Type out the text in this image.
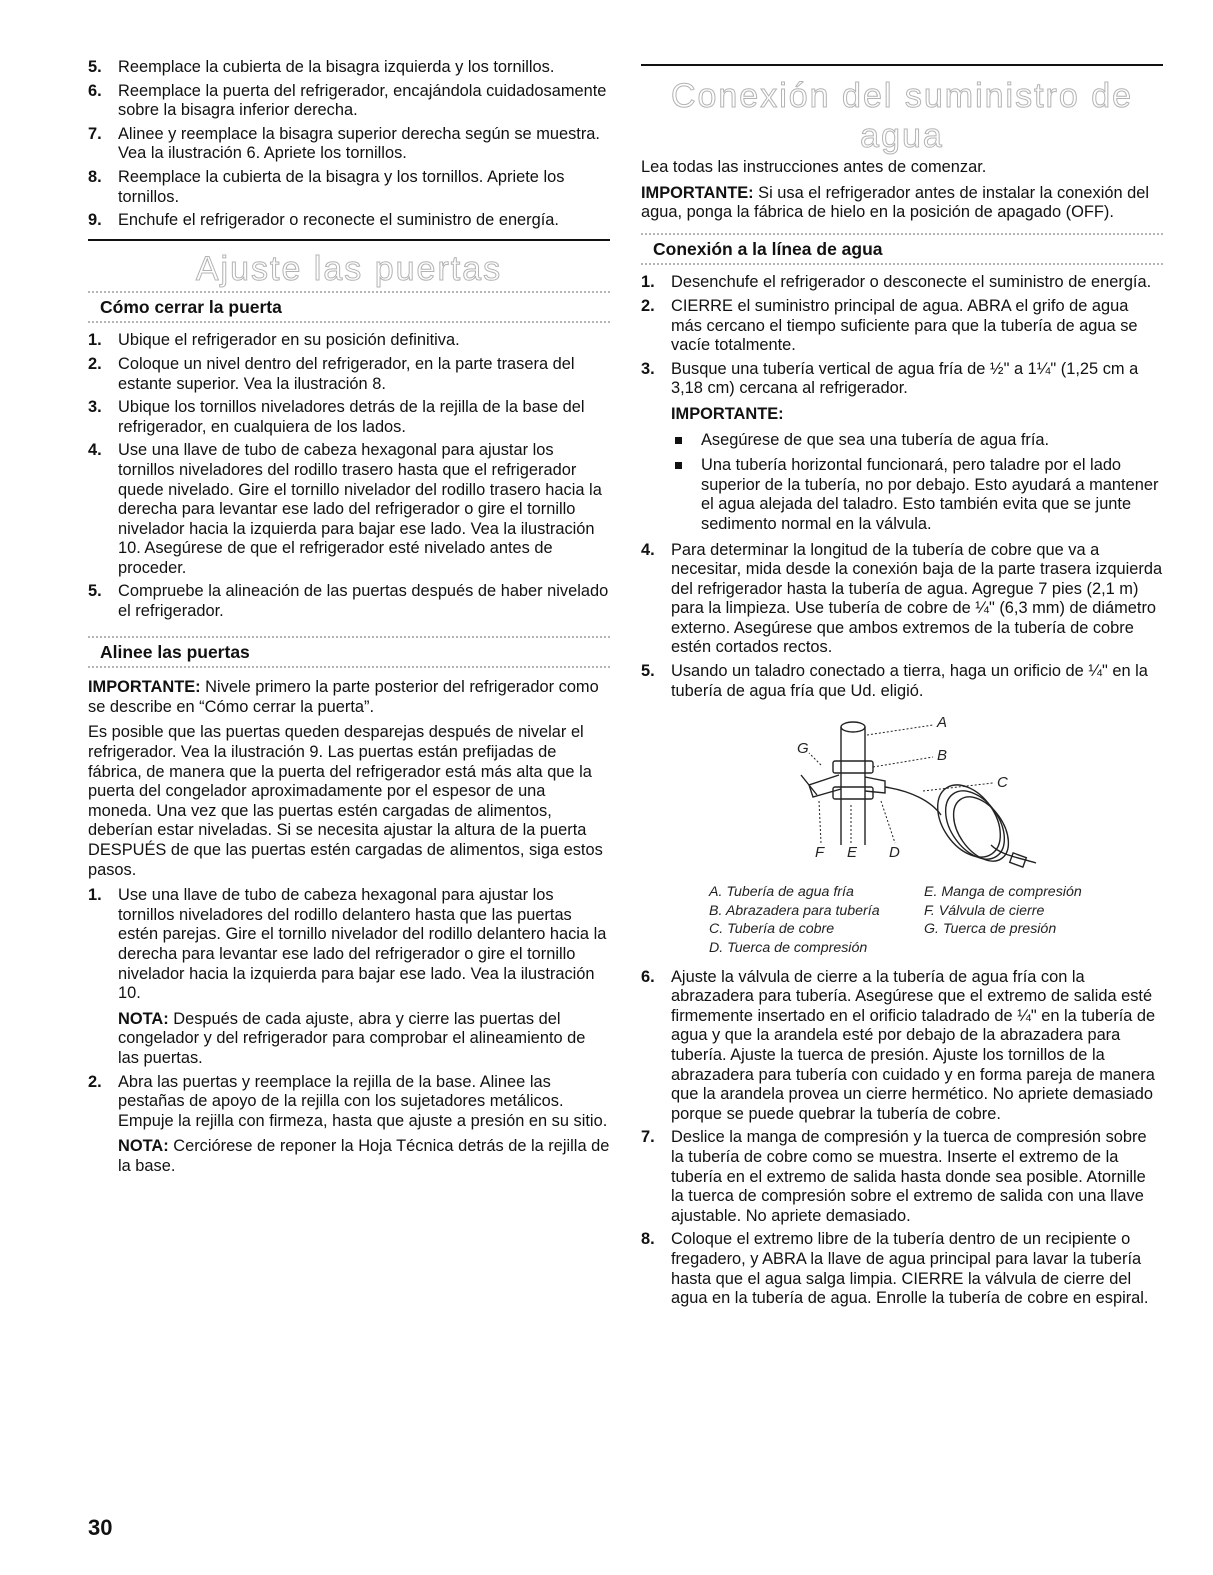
5. Reemplace la cubierta de la bisagra izquierda y los tornillos.

6. Reemplace la puerta del refrigerador, encajándola cuidadosamente sobre la bisagra inferior derecha.

7. Alinee y reemplace la bisagra superior derecha según se muestra. Vea la ilustración 6. Apriete los tornillos.

8. Reemplace la cubierta de la bisagra y los tornillos. Apriete los tornillos.

9. Enchufe el refrigerador o reconecte el suministro de energía.

Ajuste las puertas
Cómo cerrar la puerta
1. Ubique el refrigerador en su posición definitiva.

2. Coloque un nivel dentro del refrigerador, en la parte trasera del estante superior. Vea la ilustración 8.

3. Ubique los tornillos niveladores detrás de la rejilla de la base del refrigerador, en cualquiera de los lados.

4. Use una llave de tubo de cabeza hexagonal para ajustar los tornillos niveladores del rodillo trasero hasta que el refrigerador quede nivelado. Gire el tornillo nivelador del rodillo trasero hacia la derecha para levantar ese lado del refrigerador o gire el tornillo nivelador hacia la izquierda para bajar ese lado. Vea la ilustración 10. Asegúrese de que el refrigerador esté nivelado antes de proceder.

5. Compruebe la alineación de las puertas después de haber nivelado el refrigerador.

Alinee las puertas

IMPORTANTE: Nivele primero la parte posterior del refrigerador como se describe en “Cómo cerrar la puerta”.

Es posible que las puertas queden desparejas después de nivelar el refrigerador. Vea la ilustración 9. Las puertas están prefijadas de fábrica, de manera que la puerta del refrigerador está más alta que la puerta del congelador aproximadamente por el espesor de una moneda. Una vez que las puertas estén cargadas de alimentos, deberían estar niveladas. Si se necesita ajustar la altura de la puerta DESPUÉS de que las puertas estén cargadas de alimentos, siga estos pasos.

1. Use una llave de tubo de cabeza hexagonal para ajustar los tornillos niveladores del rodillo delantero hasta que las puertas estén parejas. Gire el tornillo nivelador del rodillo delantero hacia la derecha para levantar ese lado del refrigerador o gire el tornillo nivelador hacia la izquierda para bajar ese lado. Vea la ilustración 10.

NOTA: Después de cada ajuste, abra y cierre las puertas del congelador y del refrigerador para comprobar el alineamiento de las puertas.

2. Abra las puertas y reemplace la rejilla de la base. Alinee las pestañas de apoyo de la rejilla con los sujetadores metálicos. Empuje la rejilla con firmeza, hasta que ajuste a presión en su sitio.

NOTA: Cerciórese de reponer la Hoja Técnica detrás de la rejilla de la base.

Conexión del suministro de agua

Lea todas las instrucciones antes de comenzar.

IMPORTANTE: Si usa el refrigerador antes de instalar la conexión del agua, ponga la fábrica de hielo en la posición de apagado (OFF).

Conexión a la línea de agua
1. Desenchufe el refrigerador o desconecte el suministro de energía.

2. CIERRE el suministro principal de agua. ABRA el grifo de agua más cercano el tiempo suficiente para que la tubería de agua se vacíe totalmente.

3. Busque una tubería vertical de agua fría de ½" a 1¼" (1,25 cm a 3,18 cm) cercana al refrigerador.

IMPORTANTE:
Asegúrese de que sea una tubería de agua fría.
Una tubería horizontal funcionará, pero taladre por el lado superior de la tubería, no por debajo. Esto ayudará a mantener el agua alejada del taladro. Esto también evita que se junte sedimento normal en la válvula.
4. Para determinar la longitud de la tubería de cobre que va a necesitar, mida desde la conexión baja de la parte trasera izquierda del refrigerador hasta la tubería de agua. Agregue 7 pies (2,1 m) para la limpieza. Use tubería de cobre de ¼" (6,3 mm) de diámetro externo. Asegúrese que ambos extremos de la tubería de cobre estén cortados rectos.

5. Usando un taladro conectado a tierra, haga un orificio de ¼" en la tubería de agua fría que Ud. eligió.

A
B
C
D
E
F
G
A. Tubería de agua fría
B. Abrazadera para tubería
C. Tubería de cobre
D. Tuerca de compresión
E. Manga de compresión
F. Válvula de cierre
G. Tuerca de presión
6. Ajuste la válvula de cierre a la tubería de agua fría con la abrazadera para tubería. Asegúrese que el extremo de salida esté firmemente insertado en el orificio taladrado de ¼" en la tubería de agua y que la arandela esté por debajo de la abrazadera para tubería. Ajuste la tuerca de presión. Ajuste los tornillos de la abrazadera para tubería con cuidado y en forma pareja de manera que la arandela provea un cierre hermético. No apriete demasiado porque se puede quebrar la tubería de cobre.

7. Deslice la manga de compresión y la tuerca de compresión sobre la tubería de cobre como se muestra. Inserte el extremo de la tubería en el extremo de salida hasta donde sea posible. Atornille la tuerca de compresión sobre el extremo de salida con una llave ajustable. No apriete demasiado.

8. Coloque el extremo libre de la tubería dentro de un recipiente o fregadero, y ABRA la llave de agua principal para lavar la tubería hasta que el agua salga limpia. CIERRE la válvula de cierre del agua en la tubería de agua. Enrolle la tubería de cobre en espiral.

30
